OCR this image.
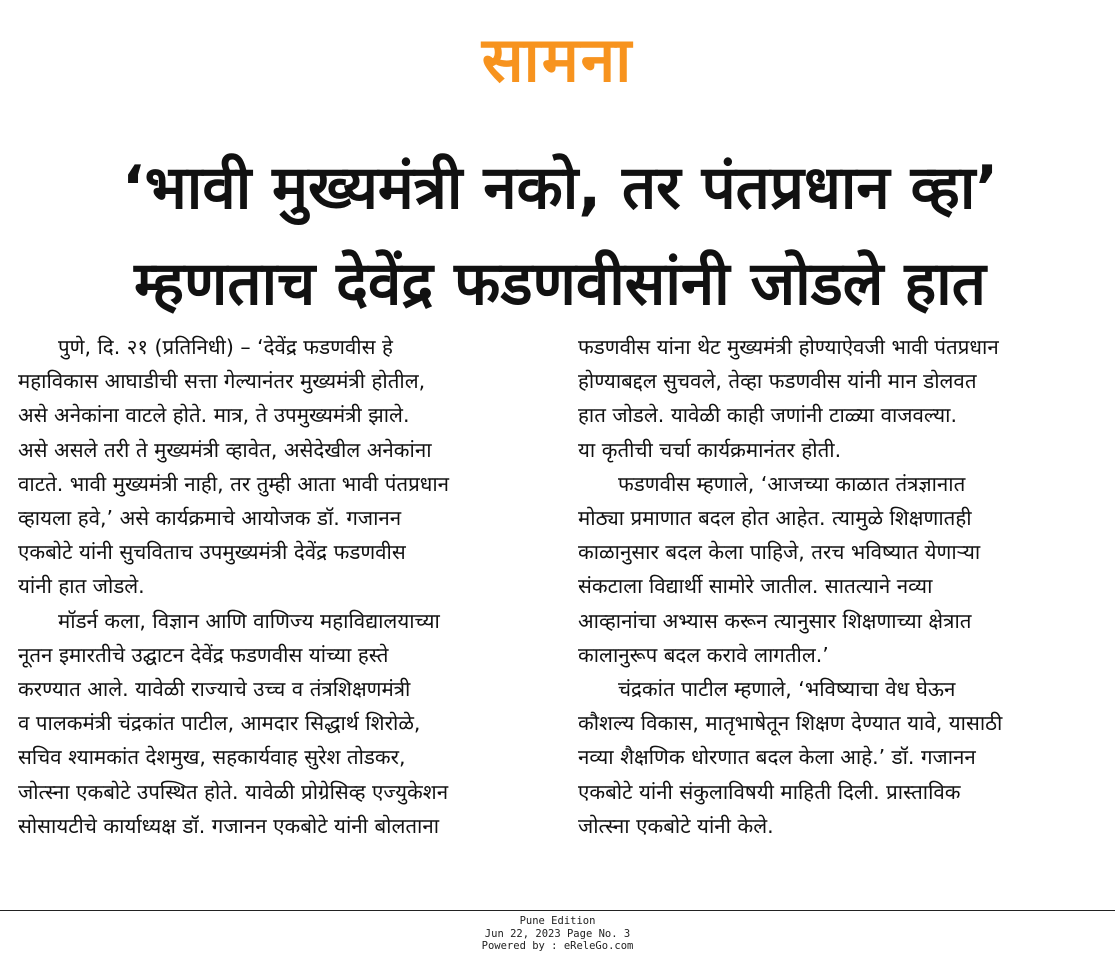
सामना
‘भावी मुख्यमंत्री नको, तर पंतप्रधान व्हा’
म्हणताच देवेंद्र फडणवीसांनी जोडले हात
पुणे, दि. २१ (प्रतिनिधी) – ‘देवेंद्र फडणवीस हे
महाविकास आघाडीची सत्ता गेल्यानंतर मुख्यमंत्री होतील,
असे अनेकांना वाटले होते. मात्र, ते उपमुख्यमंत्री झाले.
असे असले तरी ते मुख्यमंत्री व्हावेत, असेदेखील अनेकांना
वाटते. भावी मुख्यमंत्री नाही, तर तुम्ही आता भावी पंतप्रधान
व्हायला हवे,’ असे कार्यक्रमाचे आयोजक डॉ. गजानन
एकबोटे यांनी सुचविताच उपमुख्यमंत्री देवेंद्र फडणवीस
यांनी हात जोडले.
मॉडर्न कला, विज्ञान आणि वाणिज्य महाविद्यालयाच्या
नूतन इमारतीचे उद्घाटन देवेंद्र फडणवीस यांच्या हस्ते
करण्यात आले. यावेळी राज्याचे उच्च व तंत्रशिक्षणमंत्री
व पालकमंत्री चंद्रकांत पाटील, आमदार सिद्धार्थ शिरोळे,
सचिव श्यामकांत देशमुख, सहकार्यवाह सुरेश तोडकर,
जोत्स्ना एकबोटे उपस्थित होते. यावेळी प्रोग्रेसिव्ह एज्युकेशन
सोसायटीचे कार्याध्यक्ष डॉ. गजानन एकबोटे यांनी बोलताना
फडणवीस यांना थेट मुख्यमंत्री होण्याऐवजी भावी पंतप्रधान
होण्याबद्दल सुचवले, तेव्हा फडणवीस यांनी मान डोलवत
हात जोडले. यावेळी काही जणांनी टाळ्या वाजवल्या.
या कृतीची चर्चा कार्यक्रमानंतर होती.
फडणवीस म्हणाले, ‘आजच्या काळात तंत्रज्ञानात
मोठ्या प्रमाणात बदल होत आहेत. त्यामुळे शिक्षणातही
काळानुसार बदल केला पाहिजे, तरच भविष्यात येणाऱ्या
संकटाला विद्यार्थी सामोरे जातील. सातत्याने नव्या
आव्हानांचा अभ्यास करून त्यानुसार शिक्षणाच्या क्षेत्रात
कालानुरूप बदल करावे लागतील.’
चंद्रकांत पाटील म्हणाले, ‘भविष्याचा वेध घेऊन
कौशल्य विकास, मातृभाषेतून शिक्षण देण्यात यावे, यासाठी
नव्या शैक्षणिक धोरणात बदल केला आहे.’ डॉ. गजानन
एकबोटे यांनी संकुलाविषयी माहिती दिली. प्रास्ताविक
जोत्स्ना एकबोटे यांनी केले.
Pune Edition
Jun 22, 2023 Page No. 3
Powered by : eReleGo.com
